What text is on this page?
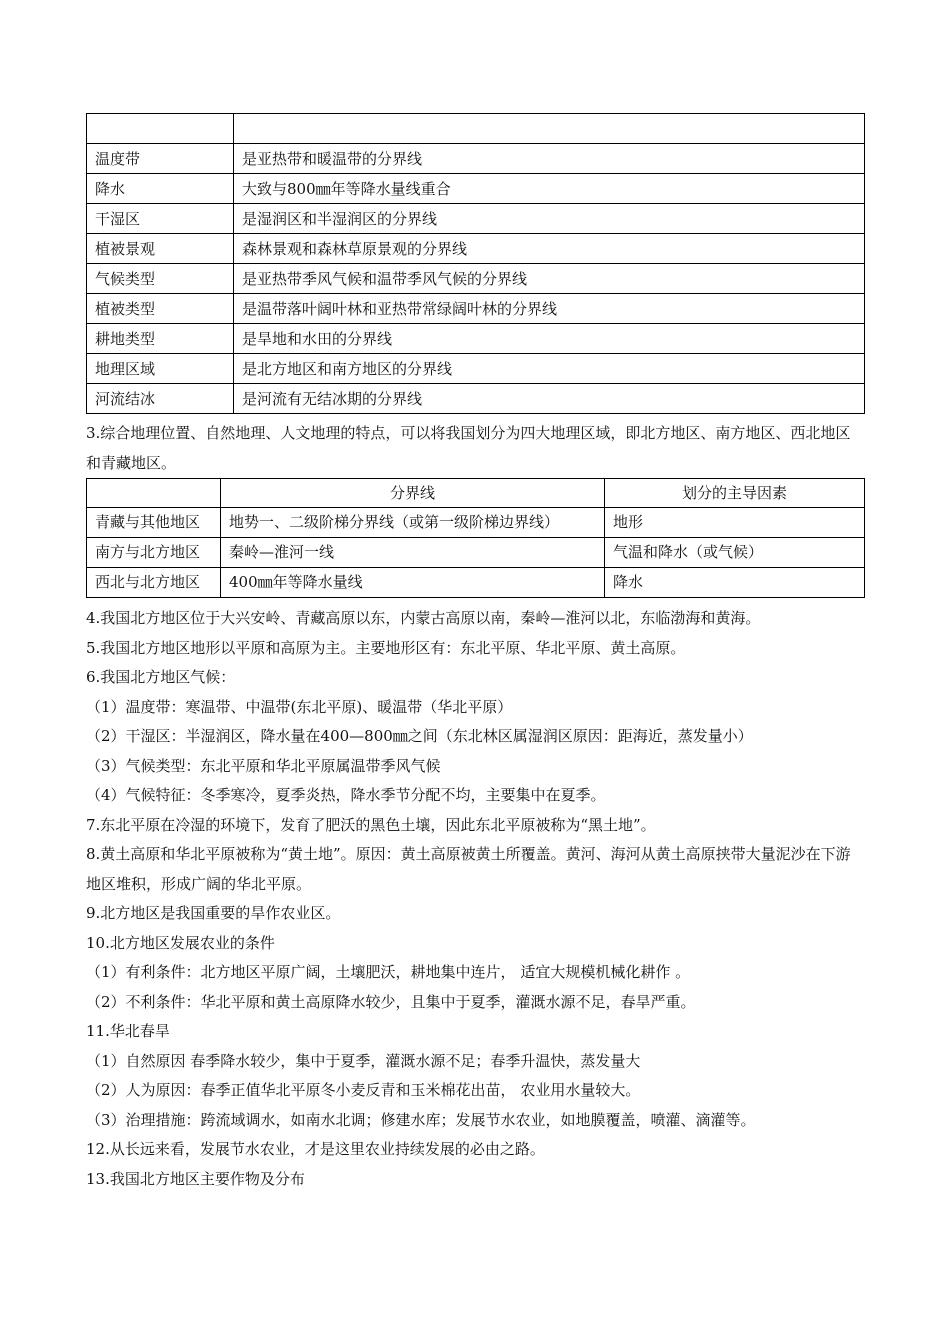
温度带	是亚热带和暖温带的分界线
降水	大致与800㎜年等降水量线重合
干湿区	是湿润区和半湿润区的分界线
植被景观	森林景观和森林草原景观的分界线
气候类型	是亚热带季风气候和温带季风气候的分界线
植被类型	是温带落叶阔叶林和亚热带常绿阔叶林的分界线
耕地类型	是旱地和水田的分界线
地理区域	是北方地区和南方地区的分界线
河流结冰	是河流有无结冰期的分界线

3.综合地理位置、自然地理、人文地理的特点，可以将我国划分为四大地理区域，即北方地区、南方地区、西北地区和青藏地区。

	分界线	划分的主导因素
青藏与其他地区	地势一、二级阶梯分界线（或第一级阶梯边界线）	地形
南方与北方地区	秦岭—淮河一线	气温和降水（或气候）
西北与北方地区	400㎜年等降水量线	降水

4.我国北方地区位于大兴安岭、青藏高原以东，内蒙古高原以南，秦岭—淮河以北，东临渤海和黄海。

5.我国北方地区地形以平原和高原为主。主要地形区有：东北平原、华北平原、黄土高原。

6.我国北方地区气候：

（1）温度带：寒温带、中温带(东北平原)、暖温带（华北平原）

（2）干湿区：半湿润区，降水量在400—800㎜之间（东北林区属湿润区原因：距海近，蒸发量小）

（3）气候类型：东北平原和华北平原属温带季风气候

（4）气候特征：冬季寒冷，夏季炎热，降水季节分配不均，主要集中在夏季。

7.东北平原在冷湿的环境下，发育了肥沃的黑色土壤，因此东北平原被称为“黑土地”。

8.黄土高原和华北平原被称为“黄土地”。原因：黄土高原被黄土所覆盖。黄河、海河从黄土高原挟带大量泥沙在下游地区堆积，形成广阔的华北平原。

9.北方地区是我国重要的旱作农业区。

10.北方地区发展农业的条件

（1）有利条件：北方地区平原广阔，土壤肥沃，耕地集中连片， 适宜大规模机械化耕作 。

（2）不利条件：华北平原和黄土高原降水较少，且集中于夏季，灌溉水源不足，春旱严重。

11.华北春旱

（1）自然原因 春季降水较少，集中于夏季，灌溉水源不足；春季升温快，蒸发量大

（2）人为原因：春季正值华北平原冬小麦反青和玉米棉花出苗， 农业用水量较大。

（3）治理措施：跨流域调水，如南水北调；修建水库；发展节水农业，如地膜覆盖，喷灌、滴灌等。

12.从长远来看，发展节水农业，才是这里农业持续发展的必由之路。

13.我国北方地区主要作物及分布
